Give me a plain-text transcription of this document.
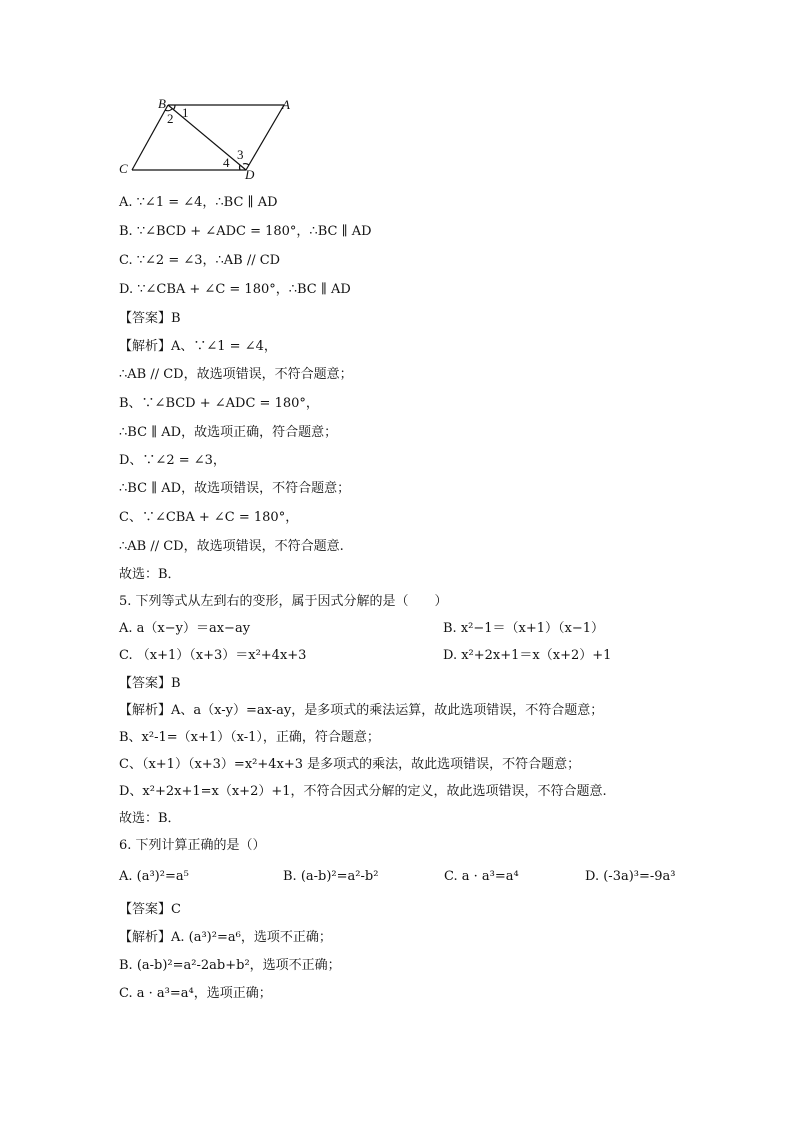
B	A
C	D
1
2
3
4
A. ∵∠1 = ∠4，∴BC ∥ AD
B. ∵∠BCD + ∠ADC = 180°，∴BC ∥ AD
C. ∵∠2 = ∠3，∴AB // CD
D. ∵∠CBA + ∠C = 180°，∴BC ∥ AD
【答案】B
【解析】A、∵∠1 = ∠4，
∴AB // CD，故选项错误，不符合题意；
B、∵∠BCD + ∠ADC = 180°，
∴BC ∥ AD，故选项正确，符合题意；
D、∵∠2 = ∠3，
∴BC ∥ AD，故选项错误，不符合题意；
C、∵∠CBA + ∠C = 180°，
∴AB // CD，故选项错误，不符合题意.
故选：B．
5. 下列等式从左到右的变形，属于因式分解的是（　　）
A. a（x−y）＝ax−ay	B. x²−1＝（x+1）（x−1）
C. （x+1）（x+3）＝x²+4x+3	D. x²+2x+1＝x（x+2）+1
【答案】B
【解析】A、a（x-y）=ax-ay，是多项式的乘法运算，故此选项错误，不符合题意；
B、x²-1=（x+1）（x-1），正确，符合题意；
C、（x+1）（x+3）=x²+4x+3 是多项式的乘法，故此选项错误，不符合题意；
D、x²+2x+1=x（x+2）+1，不符合因式分解的定义，故此选项错误，不符合题意.
故选：B．
6. 下列计算正确的是（）
A. (a³)²=a⁵	B. (a-b)²=a²-b²	C. a · a³=a⁴	D. (-3a)³=-9a³
【答案】C
【解析】A. (a³)²=a⁶，选项不正确；
B. (a-b)²=a²-2ab+b²，选项不正确；
C. a · a³=a⁴，选项正确；
